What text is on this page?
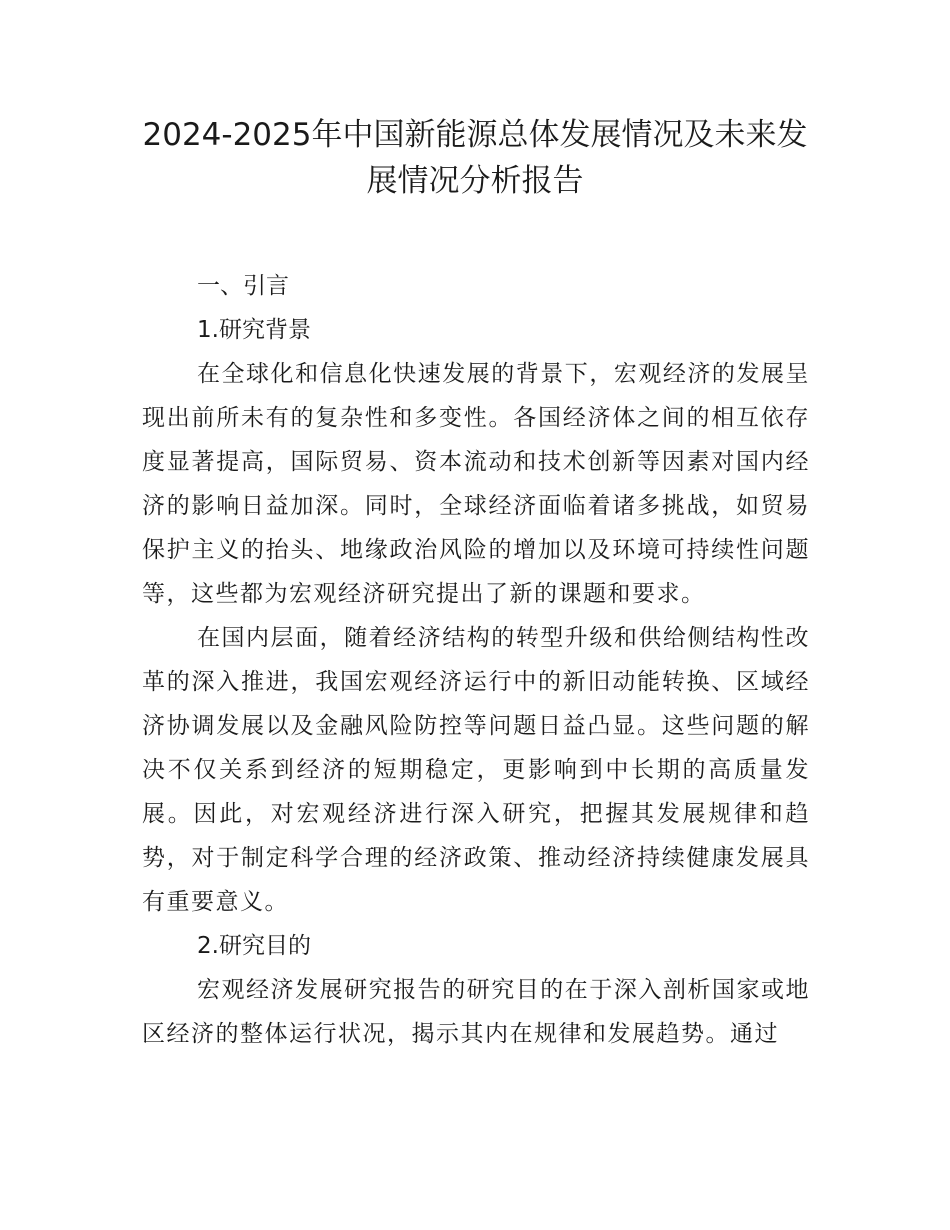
2024-2025年中国新能源总体发展情况及未来发
展情况分析报告

一、引言

1.研究背景

在全球化和信息化快速发展的背景下，宏观经济的发展呈现出前所未有的复杂性和多变性。各国经济体之间的相互依存度显著提高，国际贸易、资本流动和技术创新等因素对国内经济的影响日益加深。同时，全球经济面临着诸多挑战，如贸易保护主义的抬头、地缘政治风险的增加以及环境可持续性问题等，这些都为宏观经济研究提出了新的课题和要求。

在国内层面，随着经济结构的转型升级和供给侧结构性改革的深入推进，我国宏观经济运行中的新旧动能转换、区域经济协调发展以及金融风险防控等问题日益凸显。这些问题的解决不仅关系到经济的短期稳定，更影响到中长期的高质量发展。因此，对宏观经济进行深入研究，把握其发展规律和趋势，对于制定科学合理的经济政策、推动经济持续健康发展具有重要意义。

2.研究目的

宏观经济发展研究报告的研究目的在于深入剖析国家或地区经济的整体运行状况，揭示其内在规律和发展趋势。通过
